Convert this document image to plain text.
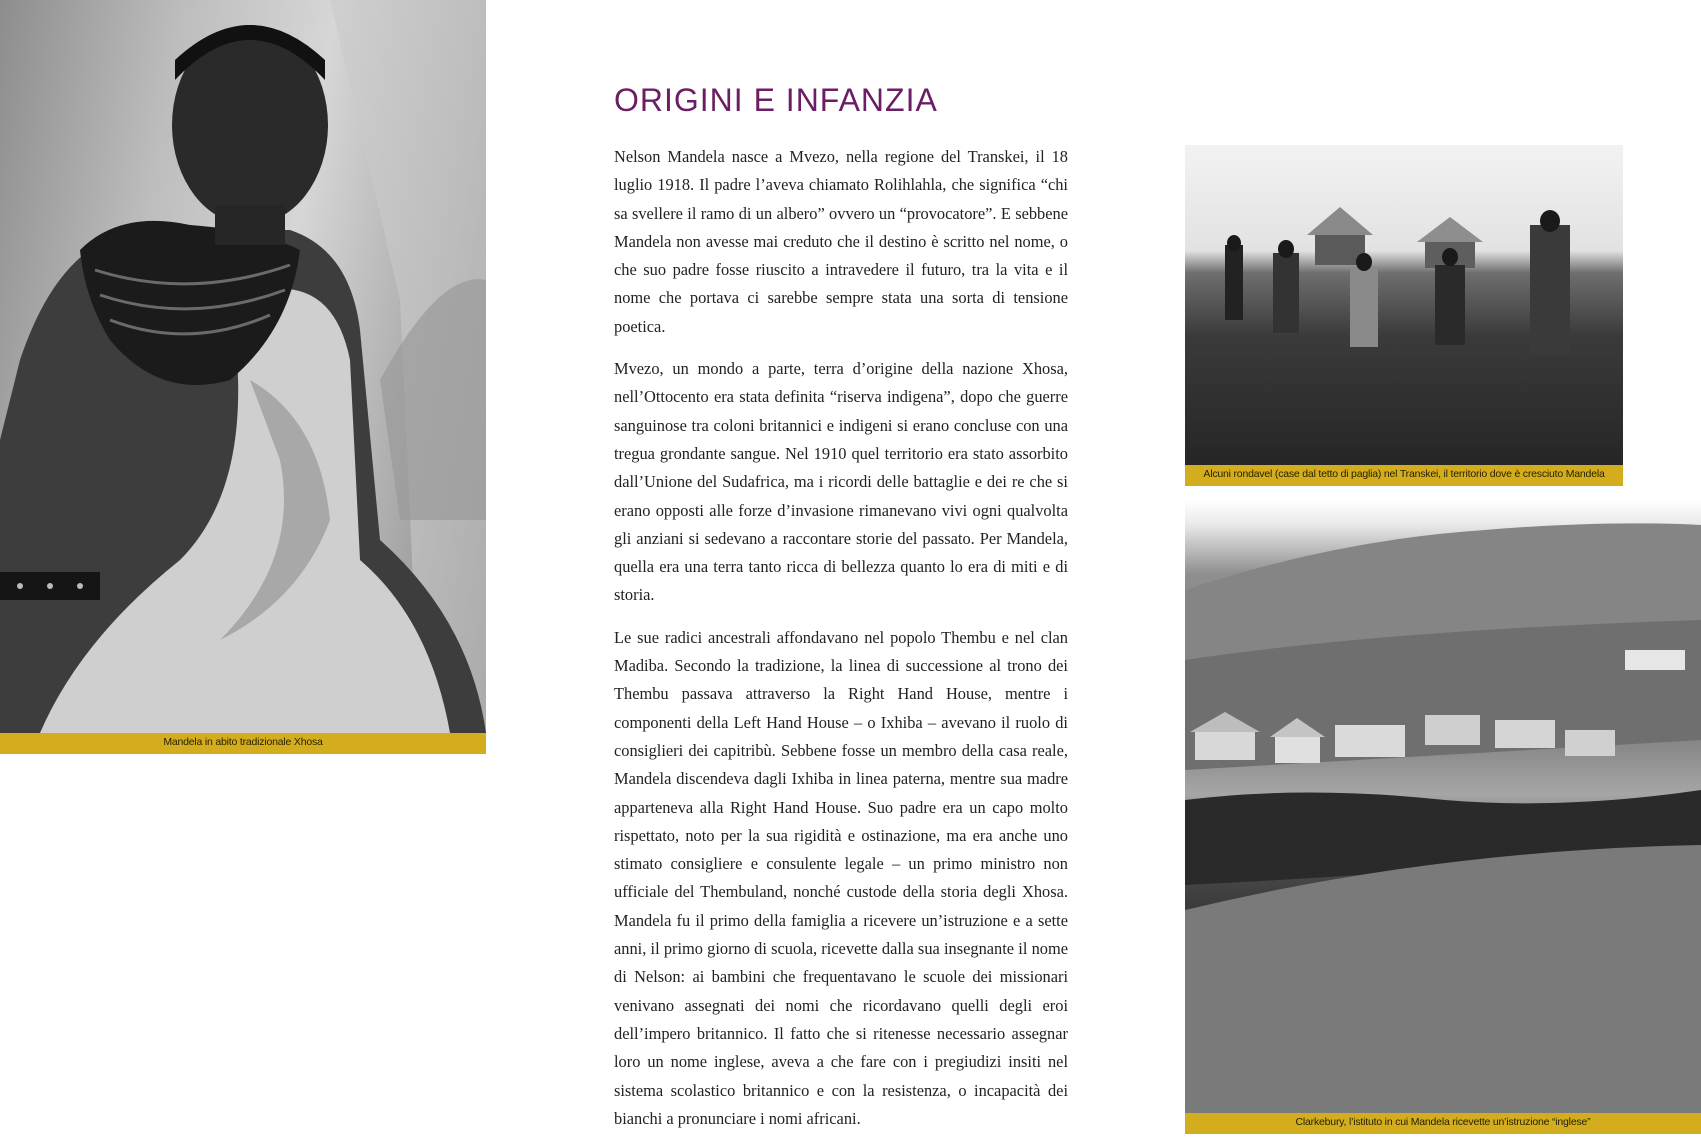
Mandela in abito tradizionale Xhosa
ORIGINI E INFANZIA

Nelson Mandela nasce a Mvezo, nella regione del Transkei, il 18 luglio 1918. Il padre l’aveva chiamato Rolihlahla, che significa “chi sa svellere il ramo di un albero” ovvero un “provocatore”. E sebbene Mandela non avesse mai creduto che il destino è scritto nel nome, o che suo padre fosse riuscito a intravedere il futuro, tra la vita e il nome che portava ci sarebbe sempre stata una sorta di tensione poetica.

Mvezo, un mondo a parte, terra d’origine della nazione Xhosa, nell’Ottocento era stata definita “riserva indigena”, dopo che guerre sanguinose tra coloni britannici e indigeni si erano concluse con una tregua grondante sangue. Nel 1910 quel territorio era stato assorbito dall’Unione del Sudafrica, ma i ricordi delle battaglie e dei re che si erano opposti alle forze d’invasione rimanevano vivi ogni qualvolta gli anziani si sedevano a raccontare storie del passato. Per Mandela, quella era una terra tanto ricca di bellezza quanto lo era di miti e di storia.

Le sue radici ancestrali affondavano nel popolo Thembu e nel clan Madiba. Secondo la tradizione, la linea di successione al trono dei Thembu passava attraverso la Right Hand House, mentre i componenti della Left Hand House – o Ixhiba – avevano il ruolo di consiglieri dei capitribù. Sebbene fosse un membro della casa reale, Mandela discendeva dagli Ixhiba in linea paterna, mentre sua madre apparteneva alla Right Hand House. Suo padre era un capo molto rispettato, noto per la sua rigidità e ostinazione, ma era anche uno stimato consigliere e consulente legale – un primo ministro non ufficiale del Thembuland, nonché custode della storia degli Xhosa. Mandela fu il primo della famiglia a ricevere un’istruzione e a sette anni, il primo giorno di scuola, ricevette dalla sua insegnante il nome di Nelson: ai bambini che frequentavano le scuole dei missionari venivano assegnati dei nomi che ricordavano quelli degli eroi dell’impero britannico. Il fatto che si ritenesse necessario assegnar loro un nome inglese, aveva a che fare con i pregiudizi insiti nel sistema scolastico britannico e con la resistenza, o incapacità dei bianchi a pronunciare i nomi africani.

Alcuni rondavel (case dal tetto di paglia) nel Transkei, il territorio dove è cresciuto Mandela
Clarkebury, l’istituto in cui Mandela ricevette un’istruzione “inglese”
